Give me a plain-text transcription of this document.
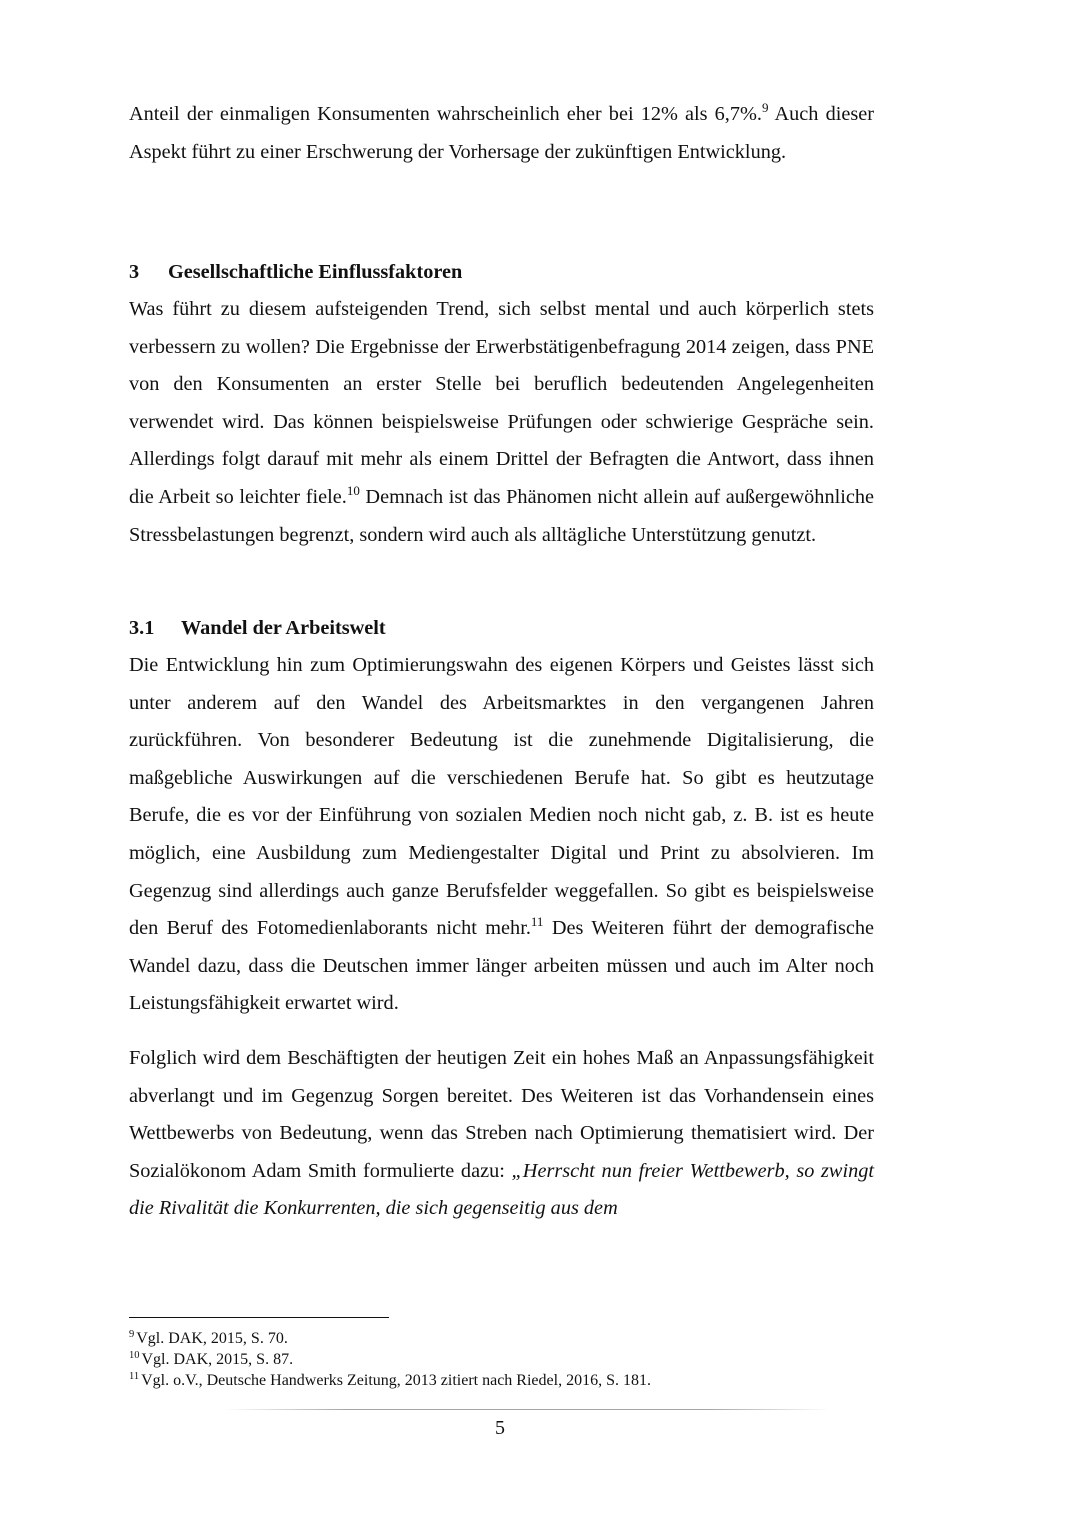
Anteil der einmaligen Konsumenten wahrscheinlich eher bei 12% als 6,7%.$^9$ Auch dieser Aspekt führt zu einer Erschwerung der Vorhersage der zukünftigen Entwicklung.

3 Gesellschaftliche Einflussfaktoren

Was führt zu diesem aufsteigenden Trend, sich selbst mental und auch körperlich stets verbessern zu wollen? Die Ergebnisse der Erwerbstätigenbefragung 2014 zeigen, dass PNE von den Konsumenten an erster Stelle bei beruflich bedeutenden Angelegenheiten verwendet wird. Das können beispielsweise Prüfungen oder schwierige Gespräche sein. Allerdings folgt darauf mit mehr als einem Drittel der Befragten die Antwort, dass ihnen die Arbeit so leichter fiele.$^{10}$ Demnach ist das Phänomen nicht allein auf außergewöhnliche Stressbelastungen begrenzt, sondern wird auch als alltägliche Unterstützung genutzt.

3.1 Wandel der Arbeitswelt

Die Entwicklung hin zum Optimierungswahn des eigenen Körpers und Geistes lässt sich unter anderem auf den Wandel des Arbeitsmarktes in den vergangenen Jahren zurückführen. Von besonderer Bedeutung ist die zunehmende Digitalisierung, die maßgebliche Auswirkungen auf die verschiedenen Berufe hat. So gibt es heutzutage Berufe, die es vor der Einführung von sozialen Medien noch nicht gab, z. B. ist es heute möglich, eine Ausbildung zum Mediengestalter Digital und Print zu absolvieren. Im Gegenzug sind allerdings auch ganze Berufsfelder weggefallen. So gibt es beispielsweise den Beruf des Fotomedienlaborants nicht mehr.$^{11}$ Des Weiteren führt der demografische Wandel dazu, dass die Deutschen immer länger arbeiten müssen und auch im Alter noch Leistungsfähigkeit erwartet wird.

Folglich wird dem Beschäftigten der heutigen Zeit ein hohes Maß an Anpassungsfähigkeit abverlangt und im Gegenzug Sorgen bereitet. Des Weiteren ist das Vorhandensein eines Wettbewerbs von Bedeutung, wenn das Streben nach Optimierung thematisiert wird. Der Sozialökonom Adam Smith formulierte dazu: „Herrscht nun freier Wettbewerb, so zwingt die Rivalität die Konkurrenten, die sich gegenseitig aus dem

$^9$ Vgl. DAK, 2015, S. 70.

$^{10}$ Vgl. DAK, 2015, S. 87.

$^{11}$ Vgl. o.V., Deutsche Handwerks Zeitung, 2013 zitiert nach Riedel, 2016, S. 181.

5
